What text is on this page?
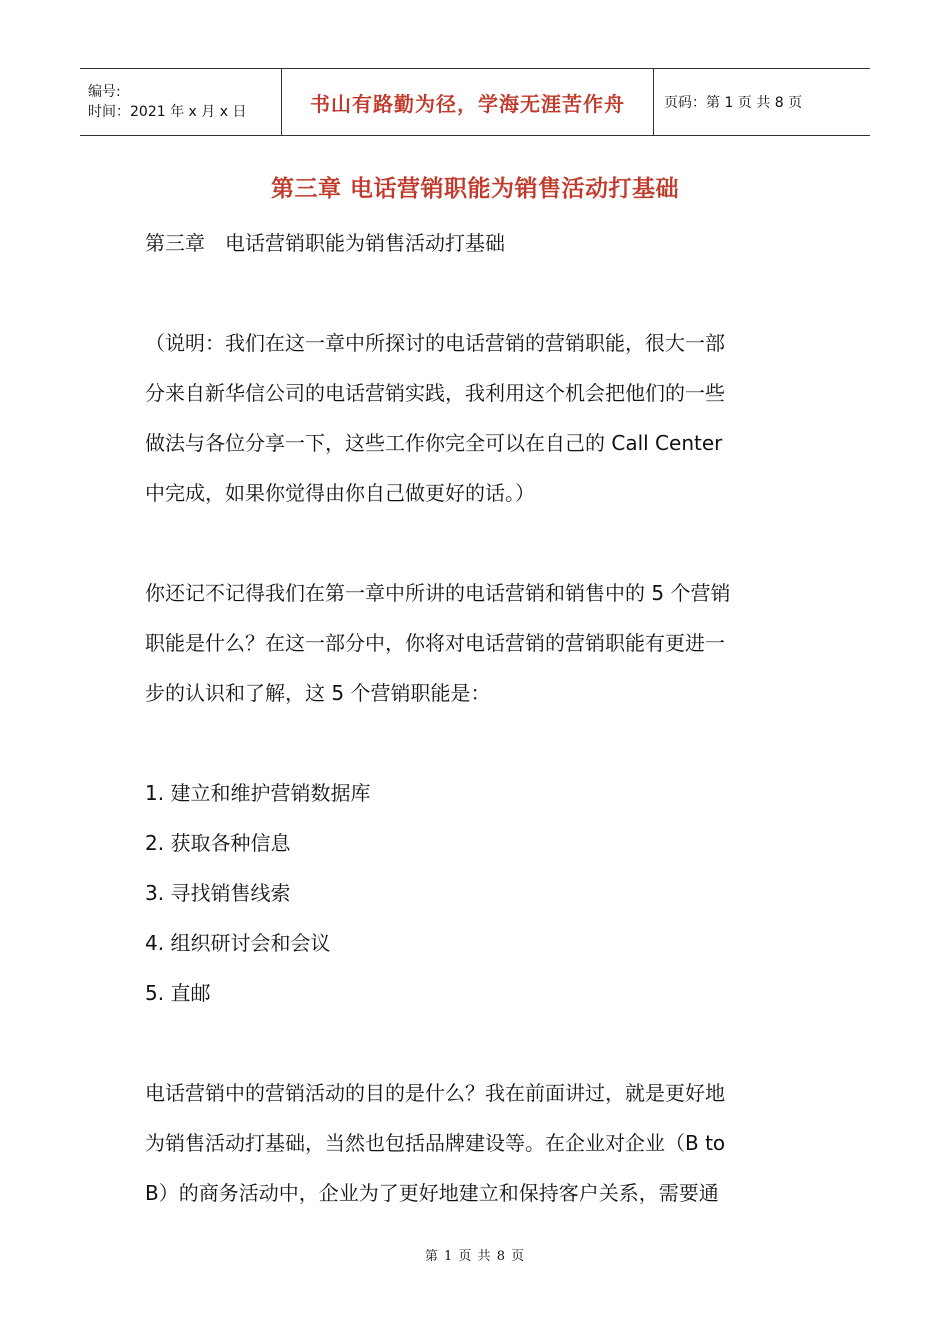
编号:
时间：2021 年 x 月 x 日	书山有路勤为径，学海无涯苦作舟	页码：第 1 页 共 8 页
第三章 电话营销职能为销售活动打基础

第三章　电话营销职能为销售活动打基础

（说明：我们在这一章中所探讨的电话营销的营销职能，很大一部

分来自新华信公司的电话营销实践，我利用这个机会把他们的一些

做法与各位分享一下，这些工作你完全可以在自己的 Call Center

中完成，如果你觉得由你自己做更好的话。）

你还记不记得我们在第一章中所讲的电话营销和销售中的 5 个营销

职能是什么？在这一部分中，你将对电话营销的营销职能有更进一

步的认识和了解，这 5 个营销职能是：

1. 建立和维护营销数据库

2. 获取各种信息

3. 寻找销售线索

4. 组织研讨会和会议

5. 直邮

电话营销中的营销活动的目的是什么？我在前面讲过，就是更好地

为销售活动打基础，当然也包括品牌建设等。在企业对企业（B to

B）的商务活动中，企业为了更好地建立和保持客户关系，需要通

第 1 页 共 8 页
